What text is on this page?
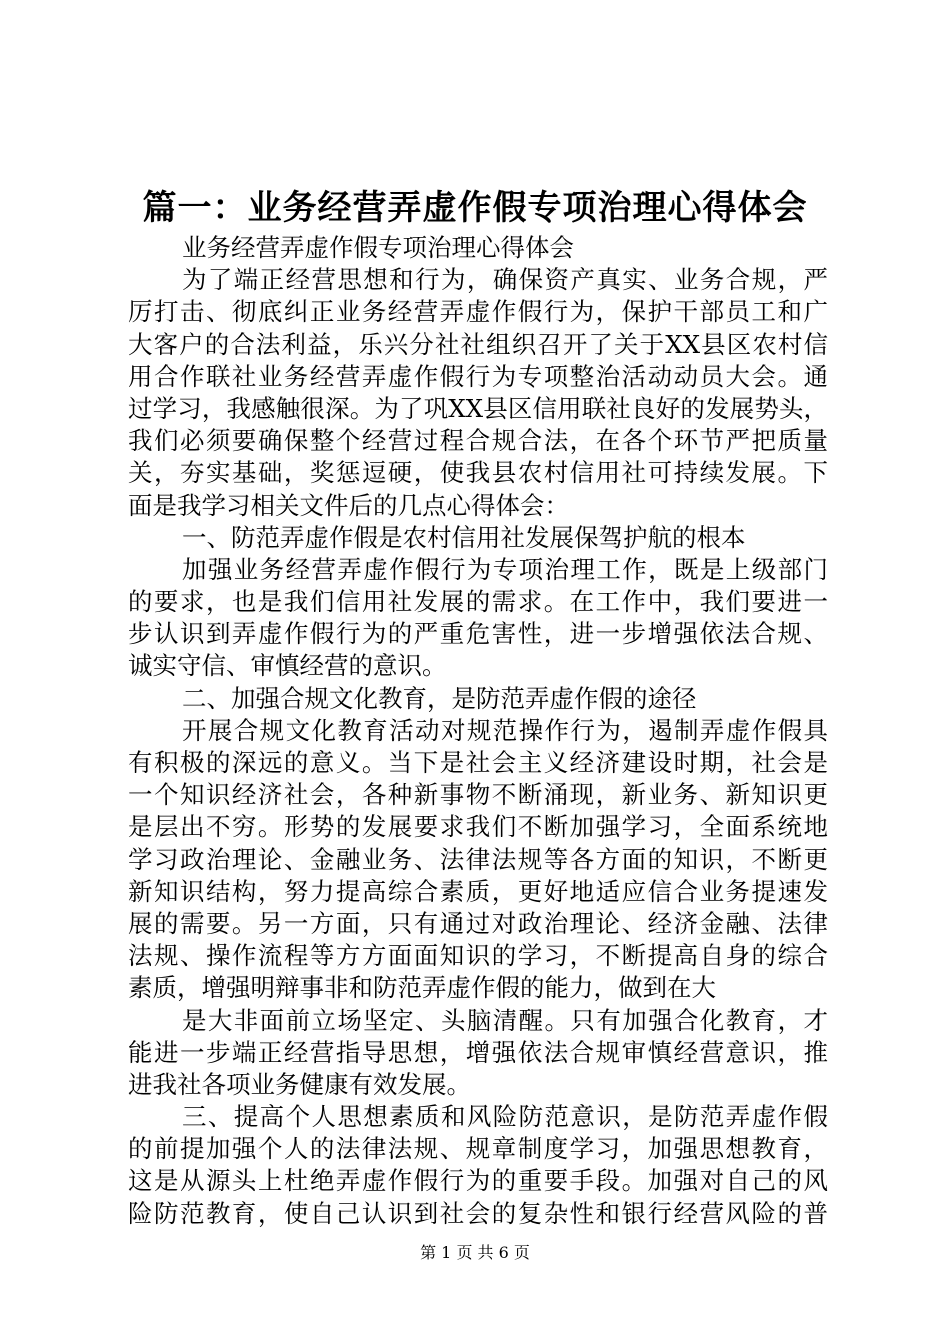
篇一：业务经营弄虚作假专项治理心得体会
业务经营弄虚作假专项治理心得体会
为了端正经营思想和行为，确保资产真实、业务合规，严
厉打击、彻底纠正业务经营弄虚作假行为，保护干部员工和广
大客户的合法利益，乐兴分社社组织召开了关于XX县区农村信
用合作联社业务经营弄虚作假行为专项整治活动动员大会。通
过学习，我感触很深。为了巩XX县区信用联社良好的发展势头，
我们必须要确保整个经营过程合规合法，在各个环节严把质量
关，夯实基础，奖惩逗硬，使我县农村信用社可持续发展。下
面是我学习相关文件后的几点心得体会：
一、防范弄虚作假是农村信用社发展保驾护航的根本
加强业务经营弄虚作假行为专项治理工作，既是上级部门
的要求，也是我们信用社发展的需求。在工作中，我们要进一
步认识到弄虚作假行为的严重危害性，进一步增强依法合规、
诚实守信、审慎经营的意识。
二、加强合规文化教育，是防范弄虚作假的途径
开展合规文化教育活动对规范操作行为，遏制弄虚作假具
有积极的深远的意义。当下是社会主义经济建设时期，社会是
一个知识经济社会，各种新事物不断涌现，新业务、新知识更
是层出不穷。形势的发展要求我们不断加强学习，全面系统地
学习政治理论、金融业务、法律法规等各方面的知识，不断更
新知识结构，努力提高综合素质，更好地适应信合业务提速发
展的需要。另一方面，只有通过对政治理论、经济金融、法律
法规、操作流程等方方面面知识的学习，不断提高自身的综合
素质，增强明辩事非和防范弄虚作假的能力，做到在大
是大非面前立场坚定、头脑清醒。只有加强合化教育，才
能进一步端正经营指导思想，增强依法合规审慎经营意识，推
进我社各项业务健康有效发展。
三、提高个人思想素质和风险防范意识，是防范弄虚作假
的前提加强个人的法律法规、规章制度学习，加强思想教育，
这是从源头上杜绝弄虚作假行为的重要手段。加强对自己的风
险防范教育，使自己认识到社会的复杂性和银行经营风险的普
第 1 页 共 6 页
